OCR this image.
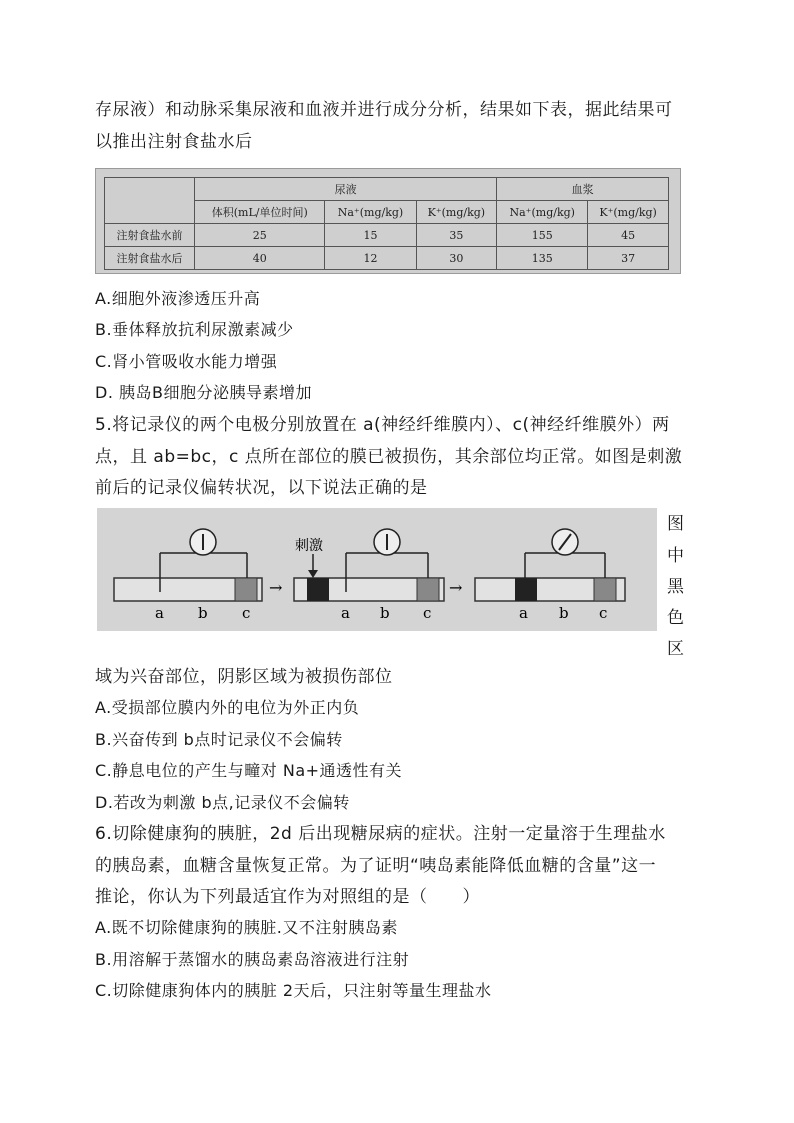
存尿液）和动脉采集尿液和血液并进行成分分析，结果如下表，据此结果可
以推出注射食盐水后
	尿液			血浆	
	体积(mL/单位时间)	Na⁺(mg/kg)	K⁺(mg/kg)	Na⁺(mg/kg)	K⁺(mg/kg)
注射食盐水前	25	15	35	155	45
注射食盐水后	40	12	30	135	37
A.细胞外液渗透压升高
B.垂体释放抗利尿激素减少
C.肾小管吸收水能力增强
D. 胰岛B细胞分泌胰导素增加
5.将记录仪的两个电极分别放置在 a(神经纤维膜内）、c(神经纤维膜外）两
点，且 ab=bc，c 点所在部位的膜已被损伤，其余部位均正常。如图是刺激
前后的记录仪偏转状况，以下说法正确的是
a b c
→
刺激
a b c
→
a b c
图
中
黑
色
区
域为兴奋部位，阴影区域为被损伤部位
A.受损部位膜内外的电位为外正内负
B.兴奋传到 b点时记录仪不会偏转
C.静息电位的产生与疃对 Na+通透性有关
D.若改为刺激 b点,记录仪不会偏转
6.切除健康狗的胰脏，2d 后出现糖尿病的症状。注射一定量溶于生理盐水
的胰岛素，血糖含量恢复正常。为了证明“咦岛素能降低血糖的含量”这一
推论，你认为下列最适宜作为对照组的是（　　）
A.既不切除健康狗的胰脏.又不注射胰岛素
B.用溶解于蒸馏水的胰岛素岛溶液进行注射
C.切除健康狗体内的胰脏 2天后，只注射等量生理盐水
